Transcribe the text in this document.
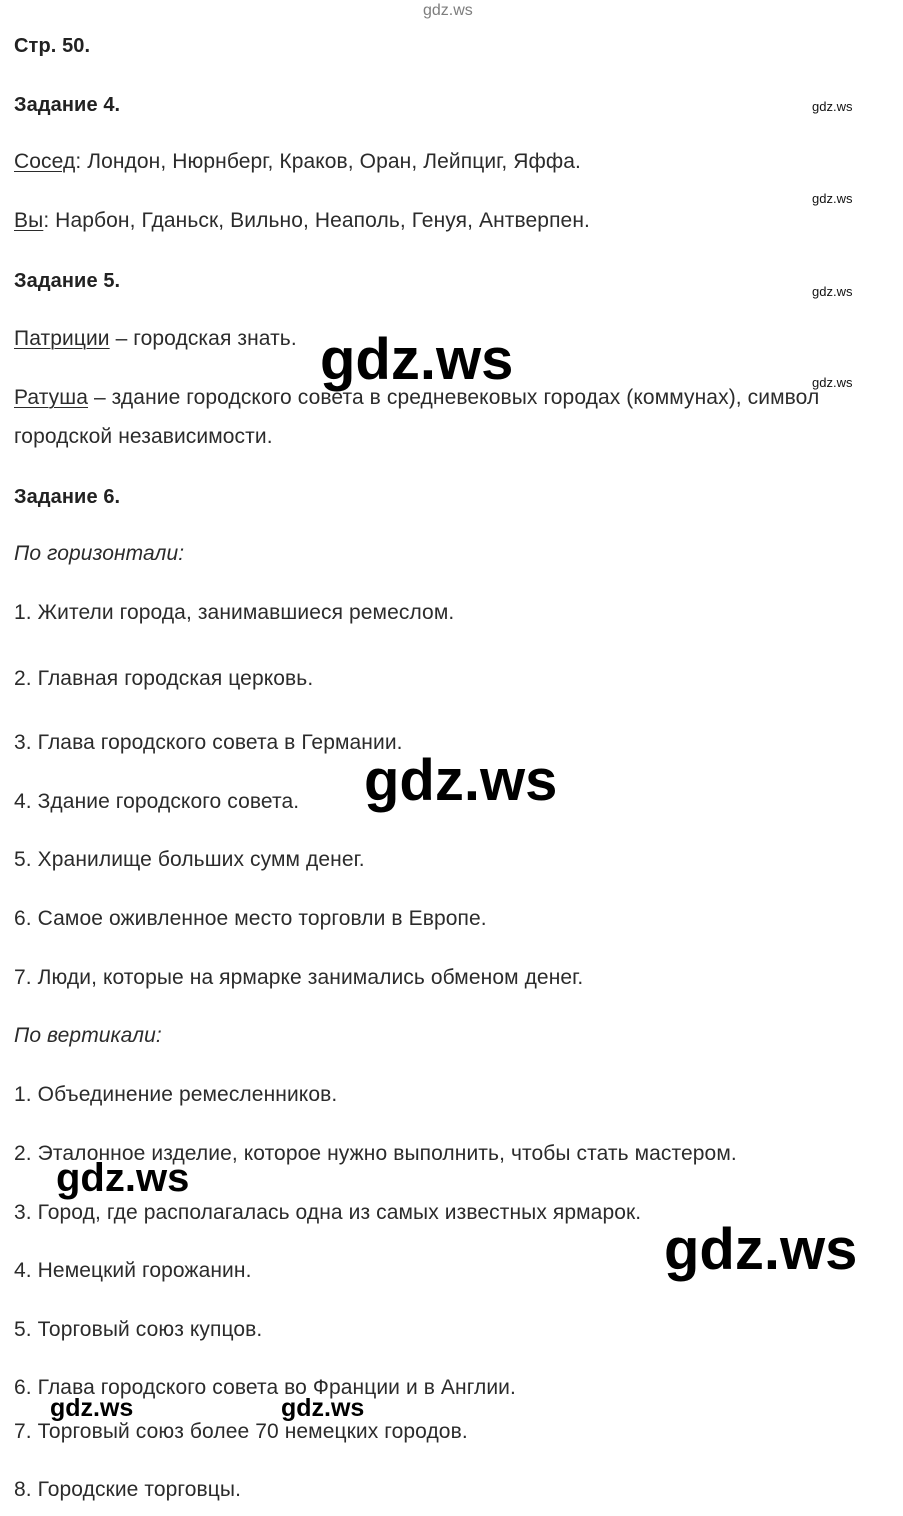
gdz.ws
Стр. 50.
Задание 4.
Сосед: Лондон, Нюрнберг, Краков, Оран, Лейпциг, Яффа.
Вы: Нарбон, Гданьск, Вильно, Неаполь, Генуя, Антверпен.
Задание 5.
Патриции – городская знать.
Ратуша – здание городского совета в средневековых городах (коммунах), символ
городской независимости.
Задание 6.
По горизонтали:
1. Жители города, занимавшиеся ремеслом.
2. Главная городская церковь.
3. Глава городского совета в Германии.
4. Здание городского совета.
5. Хранилище больших сумм денег.
6. Самое оживленное место торговли в Европе.
7. Люди, которые на ярмарке занимались обменом денег.
По вертикали:
1. Объединение ремесленников.
2. Эталонное изделие, которое нужно выполнить, чтобы стать мастером.
3. Город, где располагалась одна из самых известных ярмарок.
4. Немецкий горожанин.
5. Торговый союз купцов.
6. Глава городского совета во Франции и в Англии.
7. Торговый союз более 70 немецких городов.
8. Городские торговцы.
gdz.ws
gdz.ws
gdz.ws
gdz.ws
gdz.ws
gdz.ws
gdz.ws
gdz.ws
gdz.ws	gdz.ws
